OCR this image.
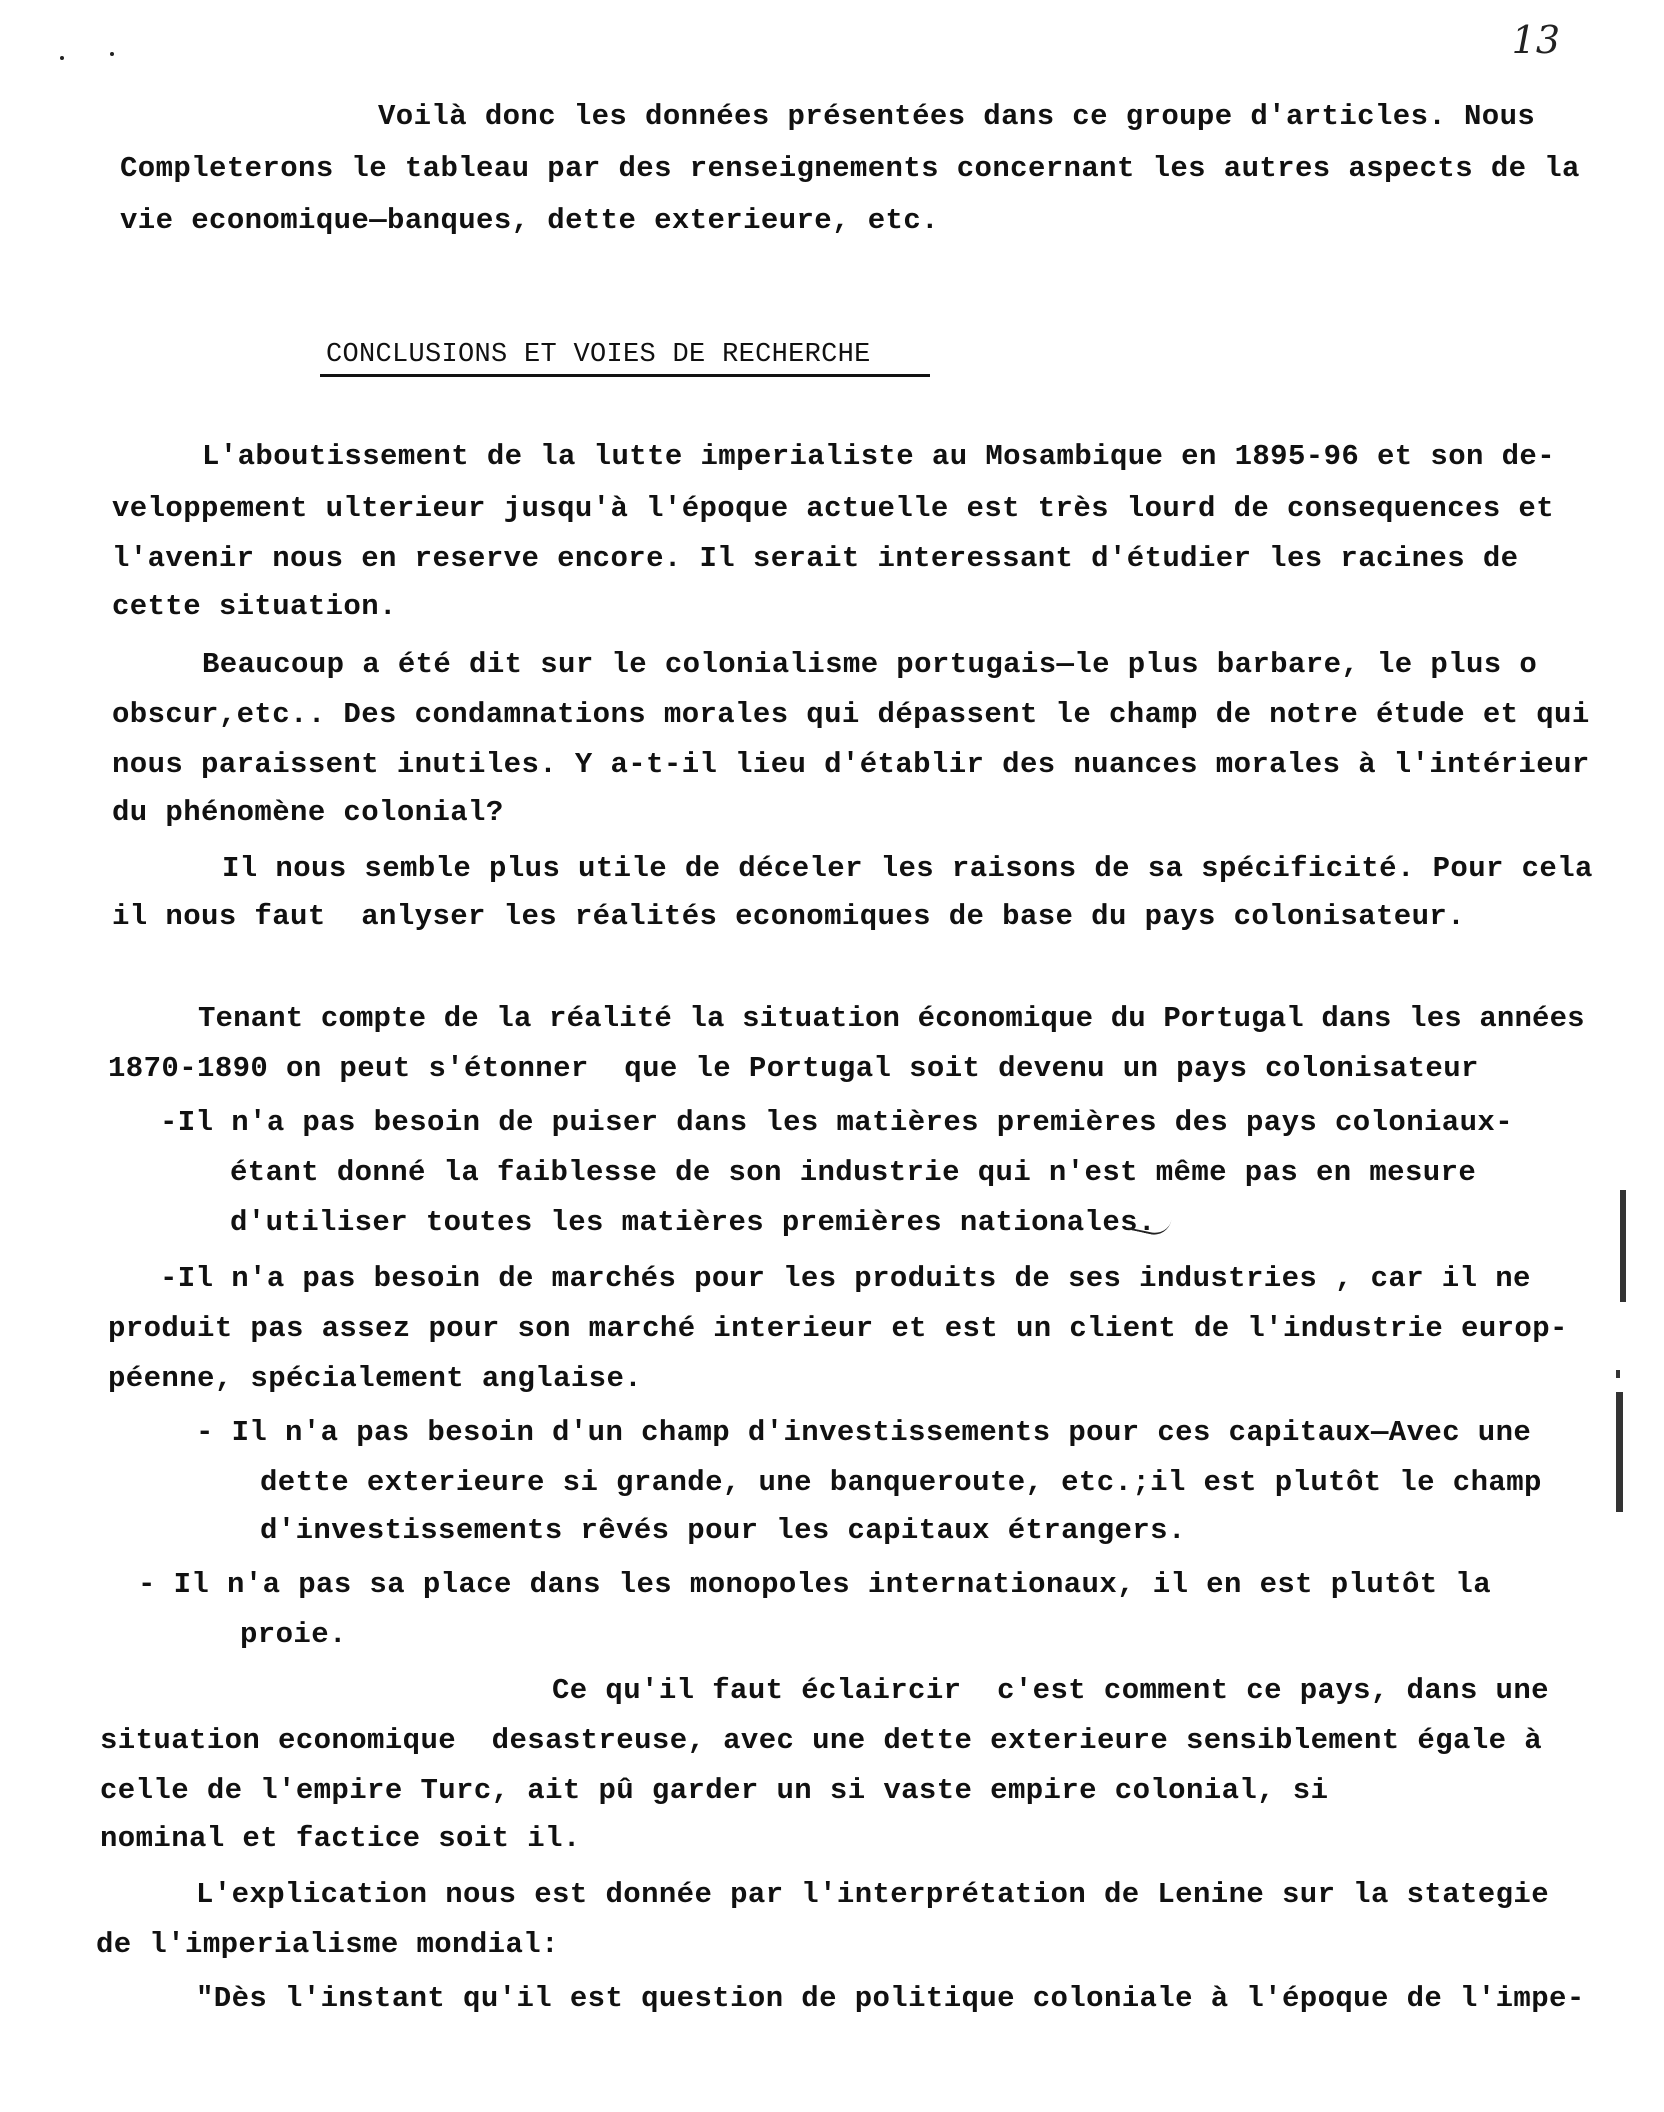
13
Voilà donc les données présentées dans ce groupe d'articles. Nous
Completerons le tableau par des renseignements concernant les autres aspects de la
vie economique—banques, dette exterieure, etc.
CONCLUSIONS ET VOIES DE RECHERCHE
L'aboutissement de la lutte imperialiste au Mosambique en 1895-96 et son de-
veloppement ulterieur jusqu'à l'époque actuelle est très lourd de consequences et
l'avenir nous en reserve encore. Il serait interessant d'étudier les racines de
cette situation.
Beaucoup a été dit sur le colonialisme portugais—le plus barbare, le plus o
obscur,etc.. Des condamnations morales qui dépassent le champ de notre étude et qui
nous paraissent inutiles. Y a-t-il lieu d'établir des nuances morales à l'intérieur
du phénomène colonial?
Il nous semble plus utile de déceler les raisons de sa spécificité. Pour cela
il nous faut  anlyser les réalités economiques de base du pays colonisateur.
Tenant compte de la réalité la situation économique du Portugal dans les années
1870-1890 on peut s'étonner  que le Portugal soit devenu un pays colonisateur
-Il n'a pas besoin de puiser dans les matières premières des pays coloniaux-
étant donné la faiblesse de son industrie qui n'est même pas en mesure
d'utiliser toutes les matières premières nationales.
-Il n'a pas besoin de marchés pour les produits de ses industries , car il ne
produit pas assez pour son marché interieur et est un client de l'industrie europ-
péenne, spécialement anglaise.
- Il n'a pas besoin d'un champ d'investissements pour ces capitaux—Avec une
dette exterieure si grande, une banqueroute, etc.;il est plutôt le champ
d'investissements rêvés pour les capitaux étrangers.
- Il n'a pas sa place dans les monopoles internationaux, il en est plutôt la
proie.
Ce qu'il faut éclaircir  c'est comment ce pays, dans une
situation economique  desastreuse, avec une dette exterieure sensiblement égale à
celle de l'empire Turc, ait pû garder un si vaste empire colonial, si
nominal et factice soit il.
L'explication nous est donnée par l'interprétation de Lenine sur la stategie
de l'imperialisme mondial:
"Dès l'instant qu'il est question de politique coloniale à l'époque de l'impe-
